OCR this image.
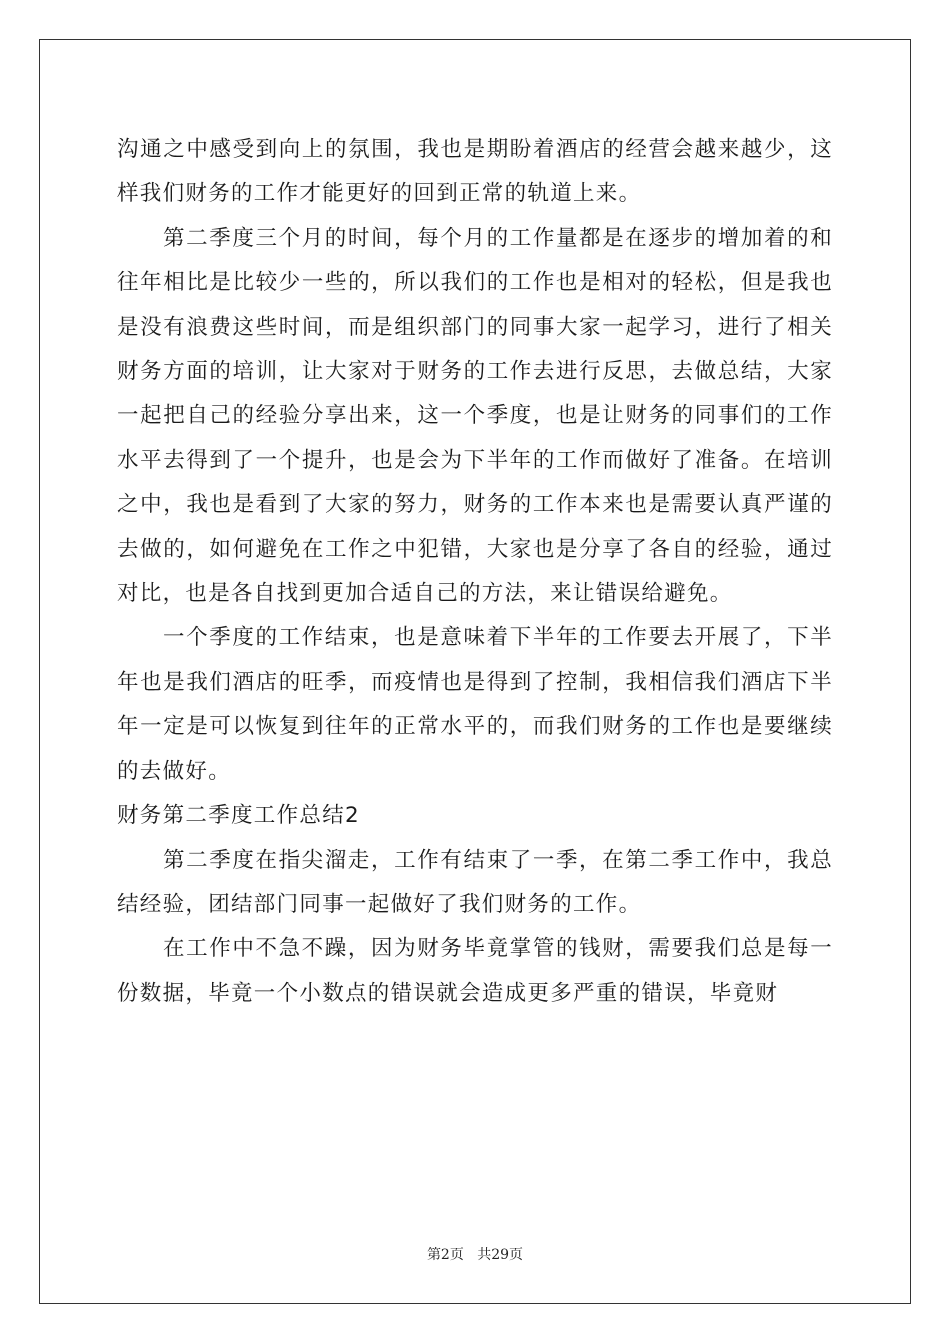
沟通之中感受到向上的氛围，我也是期盼着酒店的经营会越来越少，这样我们财务的工作才能更好的回到正常的轨道上来。

第二季度三个月的时间，每个月的工作量都是在逐步的增加着的和往年相比是比较少一些的，所以我们的工作也是相对的轻松，但是我也是没有浪费这些时间，而是组织部门的同事大家一起学习，进行了相关财务方面的培训，让大家对于财务的工作去进行反思，去做总结，大家一起把自己的经验分享出来，这一个季度，也是让财务的同事们的工作水平去得到了一个提升，也是会为下半年的工作而做好了准备。在培训之中，我也是看到了大家的努力，财务的工作本来也是需要认真严谨的去做的，如何避免在工作之中犯错，大家也是分享了各自的经验，通过对比，也是各自找到更加合适自己的方法，来让错误给避免。

一个季度的工作结束，也是意味着下半年的工作要去开展了，下半年也是我们酒店的旺季，而疫情也是得到了控制，我相信我们酒店下半年一定是可以恢复到往年的正常水平的，而我们财务的工作也是要继续的去做好。

财务第二季度工作总结2

第二季度在指尖溜走，工作有结束了一季，在第二季工作中，我总结经验，团结部门同事一起做好了我们财务的工作。

在工作中不急不躁，因为财务毕竟掌管的钱财，需要我们总是每一份数据，毕竟一个小数点的错误就会造成更多严重的错误，毕竟财

第2页 共29页
